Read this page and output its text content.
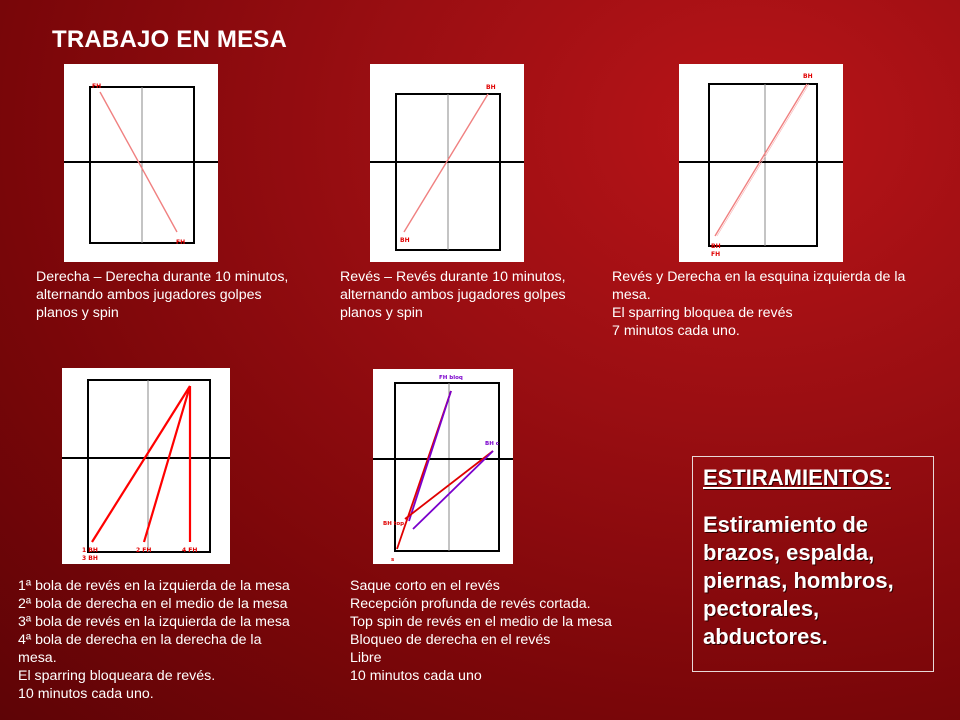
TRABAJO EN MESA
FH
FH
BH
BH
BH
BH
FH
1 BH
3 BH
2 FH	4 FH
FH bloq
BH c
BH top
s
Derecha – Derecha durante 10 minutos,
alternando ambos jugadores golpes
planos y spin
Revés – Revés durante 10 minutos,
alternando ambos jugadores golpes
planos y spin
Revés y Derecha en la esquina izquierda de la
mesa.
El sparring bloquea de revés
7 minutos cada uno.
1ª bola de revés en la izquierda de la mesa
2ª bola de derecha en el medio de la mesa
3ª bola de revés en la izquierda de la mesa
4ª bola de derecha en la derecha de la
mesa.
El sparring bloqueara de revés.
10 minutos cada uno.
Saque corto en el revés
Recepción profunda de revés cortada.
Top spin de revés en el medio de la mesa
Bloqueo de derecha en el revés
Libre
10 minutos cada uno
ESTIRAMIENTOS:
Estiramiento de brazos, espalda, piernas, hombros, pectorales, abductores.
